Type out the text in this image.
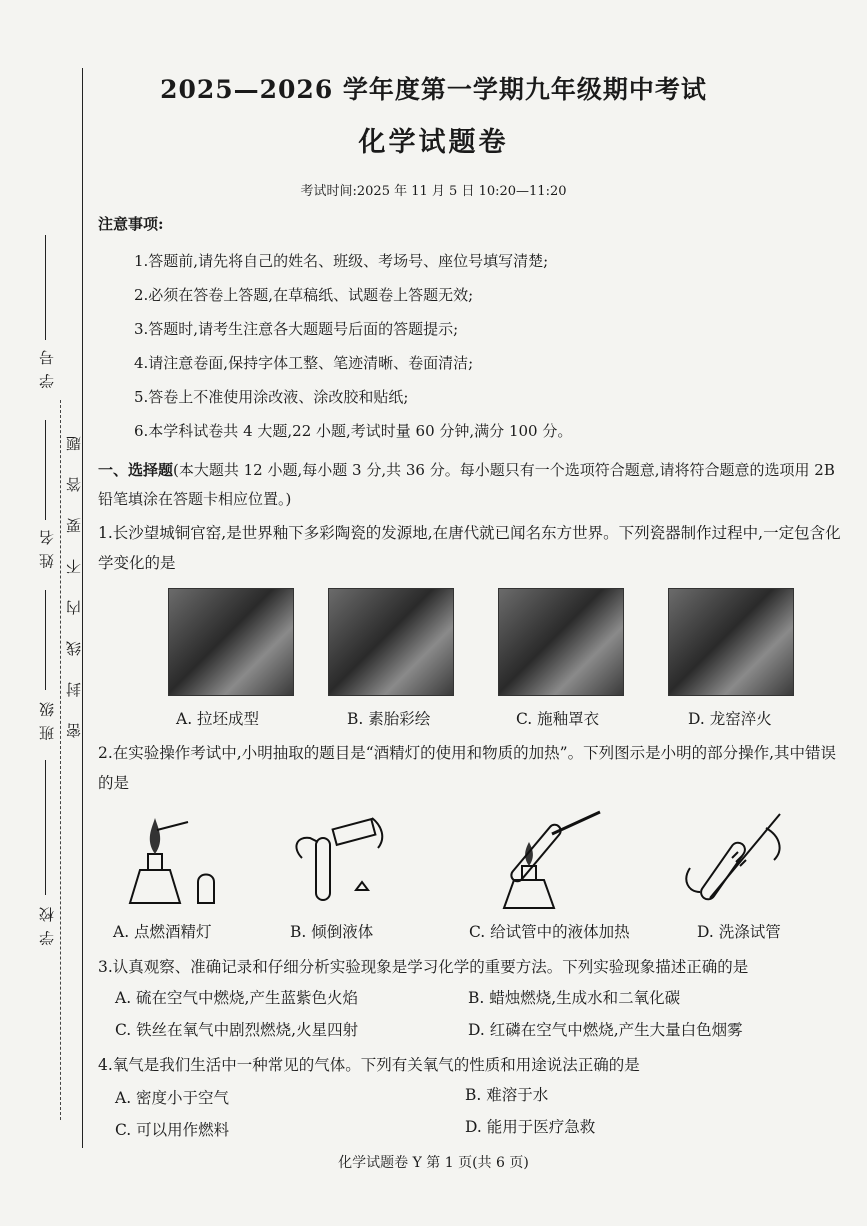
学 号
姓 名
班 级
学 校
密封线内不要答题
2025—2026 学年度第一学期九年级期中考试
化学试题卷
考试时间:2025 年 11 月 5 日 10:20—11:20
注意事项:
1.答题前,请先将自己的姓名、班级、考场号、座位号填写清楚;
2.必须在答卷上答题,在草稿纸、试题卷上答题无效;
3.答题时,请考生注意各大题题号后面的答题提示;
4.请注意卷面,保持字体工整、笔迹清晰、卷面清洁;
5.答卷上不准使用涂改液、涂改胶和贴纸;
6.本学科试卷共 4 大题,22 小题,考试时量 60 分钟,满分 100 分。
一、选择题(本大题共 12 小题,每小题 3 分,共 36 分。每小题只有一个选项符合题意,请将符合题意的选项用 2B 铅笔填涂在答题卡相应位置。)
1.长沙望城铜官窑,是世界釉下多彩陶瓷的发源地,在唐代就已闻名东方世界。下列瓷器制作过程中,一定包含化学变化的是
A. 拉坯成型	B. 素胎彩绘	C. 施釉罩衣	D. 龙窑淬火
2.在实验操作考试中,小明抽取的题目是“酒精灯的使用和物质的加热”。下列图示是小明的部分操作,其中错误的是
A. 点燃酒精灯	B. 倾倒液体	C. 给试管中的液体加热	D. 洗涤试管
3.认真观察、准确记录和仔细分析实验现象是学习化学的重要方法。下列实验现象描述正确的是
A. 硫在空气中燃烧,产生蓝紫色火焰	B. 蜡烛燃烧,生成水和二氧化碳
C. 铁丝在氧气中剧烈燃烧,火星四射	D. 红磷在空气中燃烧,产生大量白色烟雾
4.氧气是我们生活中一种常见的气体。下列有关氧气的性质和用途说法正确的是
A. 密度小于空气	B. 难溶于水
C. 可以用作燃料	D. 能用于医疗急救
化学试题卷 Y 第 1 页(共 6 页)
